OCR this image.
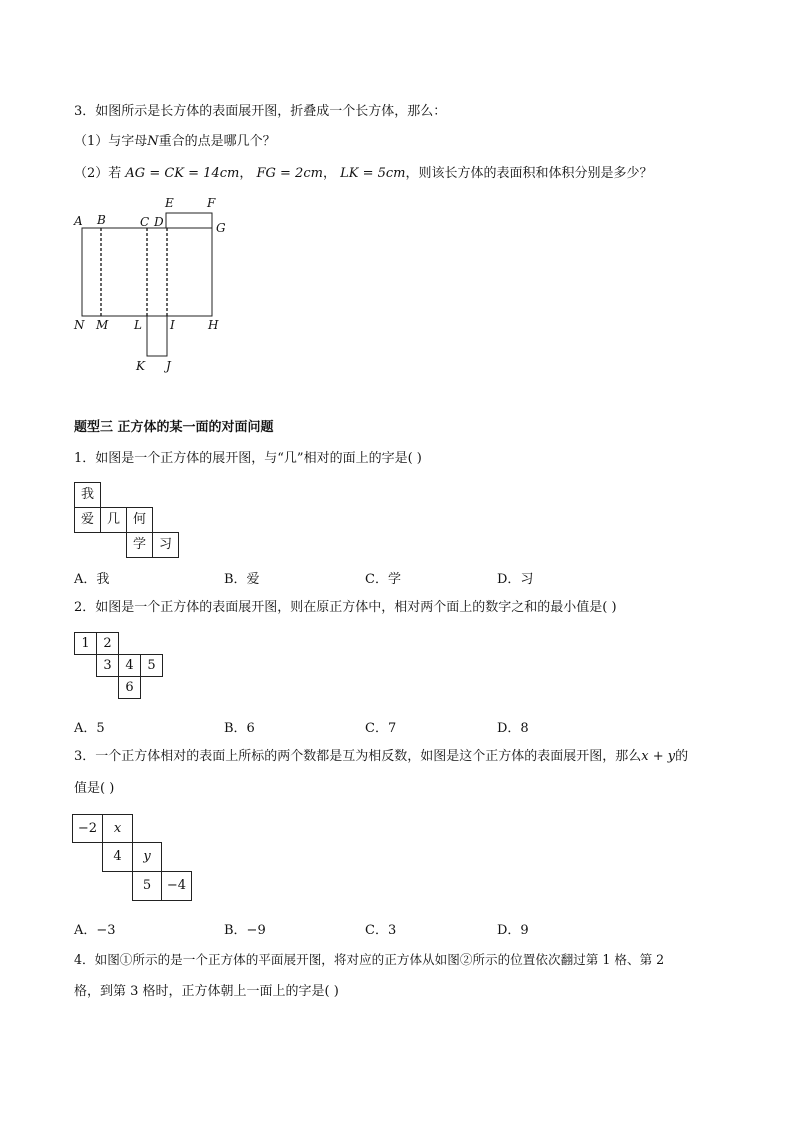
3．如图所示是长方体的表面展开图，折叠成一个长方体，那么：
（1）与字母N重合的点是哪几个？
（2）若 AG = CK = 14cm， FG = 2cm， LK = 5cm，则该长方体的表面积和体积分别是多少？
A B	C D
E	F
G
N M L I	H
K J
题型三 正方体的某一面的对面问题
1．如图是一个正方体的展开图，与“几”相对的面上的字是( )
我
爱 几 何
学 习
A．我	B．爱	C．学	D．习
2．如图是一个正方体的表面展开图，则在原正方体中，相对两个面上的数字之和的最小值是( )
1	2
3	4	5
6
A．5	B．6	C．7	D．8
3．一个正方体相对的表面上所标的两个数都是互为相反数，如图是这个正方体的表面展开图，那么x + y的
值是( )
−2	x
4	y
5	−4
A．−3	B．−9	C．3	D．9
4．如图①所示的是一个正方体的平面展开图，将对应的正方体从如图②所示的位置依次翻过第 1 格、第 2
格，到第 3 格时，正方体朝上一面上的字是( )
